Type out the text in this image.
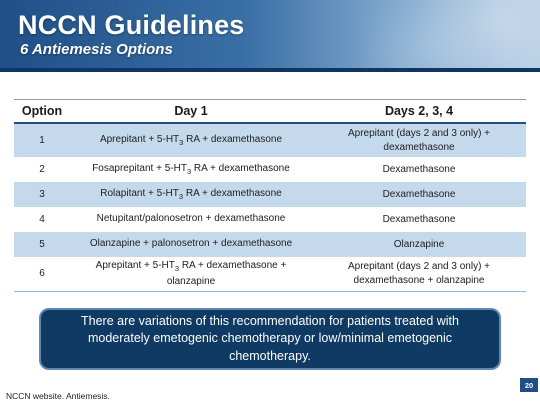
NCCN Guidelines
6 Antiemesis Options
Option	Day 1	Days 2, 3, 4
1	Aprepitant + $5-HT_3$ RA + dexamethasone	Aprepitant (days 2 and 3 only) + dexamethasone
2	Fosaprepitant + $5-HT_3$ RA + dexamethasone	Dexamethasone
3	Rolapitant + $5-HT_3$ RA + dexamethasone	Dexamethasone
4	Netupitant/palonosetron + dexamethasone	Dexamethasone
5	Olanzapine + palonosetron + dexamethasone	Olanzapine
6	Aprepitant + $5-HT_3$ RA + dexamethasone + olanzapine	Aprepitant (days 2 and 3 only) + dexamethasone + olanzapine
There are variations of this recommendation for patients treated with moderately emetogenic chemotherapy or low/minimal emetogenic chemotherapy.
NCCN website. Antiemesis.
20
